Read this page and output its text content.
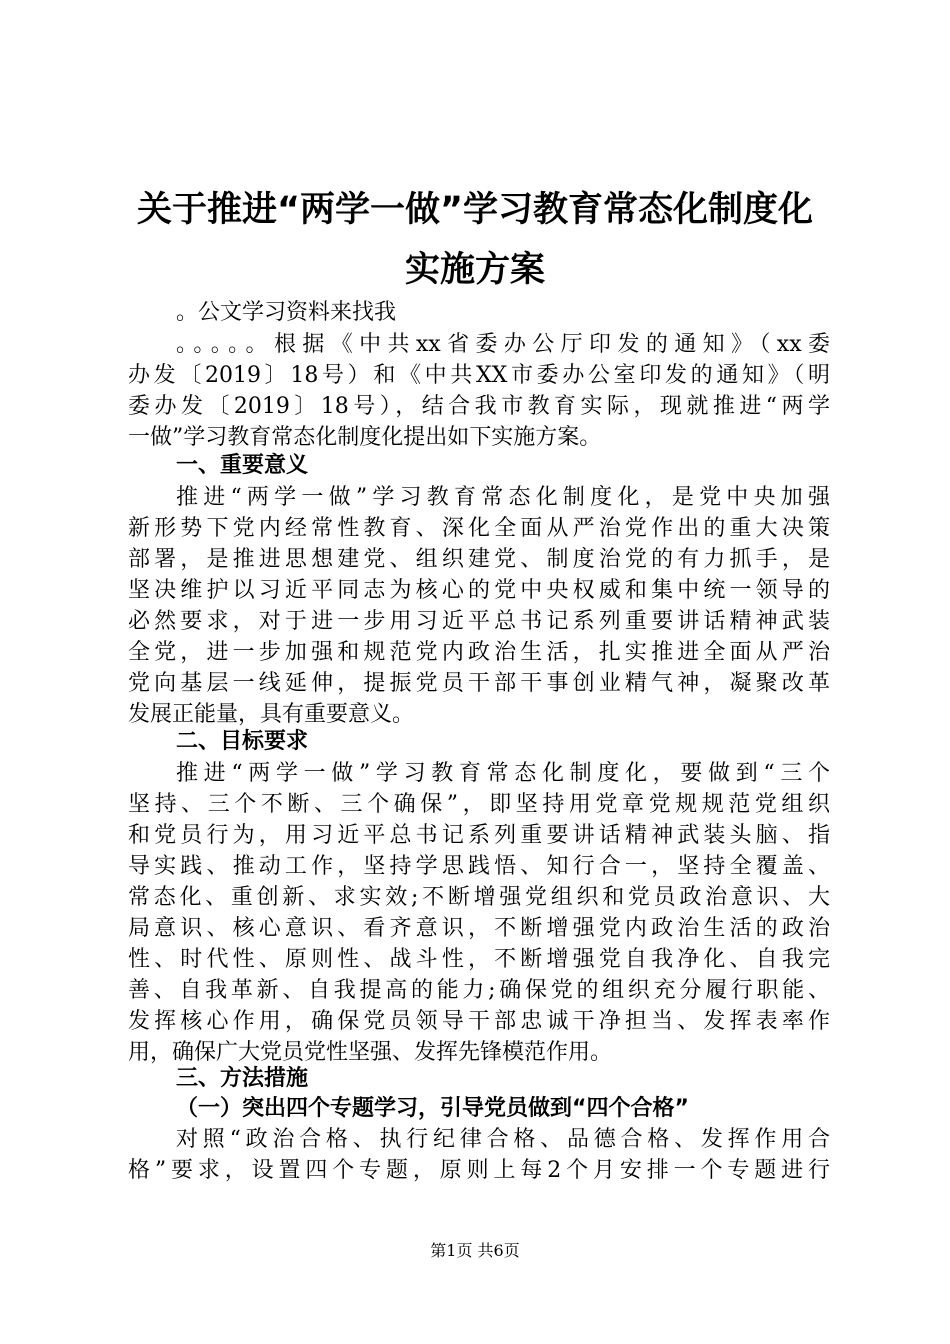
关于推进“两学一做”学习教育常态化制度化
实施方案
。公文学习资料来找我
。。。。。根据《中共xx省委办公厅印发的通知》（xx委
办发〔2019〕18号）和《中共XX市委办公室印发的通知》（明
委办发〔2019〕18号），结合我市教育实际，现就推进“两学
一做”学习教育常态化制度化提出如下实施方案。
一、重要意义
推进“两学一做”学习教育常态化制度化，是党中央加强
新形势下党内经常性教育、深化全面从严治党作出的重大决策
部署，是推进思想建党、组织建党、制度治党的有力抓手，是
坚决维护以习近平同志为核心的党中央权威和集中统一领导的
必然要求，对于进一步用习近平总书记系列重要讲话精神武装
全党，进一步加强和规范党内政治生活，扎实推进全面从严治
党向基层一线延伸，提振党员干部干事创业精气神，凝聚改革
发展正能量，具有重要意义。
二、目标要求
推进“两学一做”学习教育常态化制度化，要做到“三个
坚持、三个不断、三个确保”，即坚持用党章党规规范党组织
和党员行为，用习近平总书记系列重要讲话精神武装头脑、指
导实践、推动工作，坚持学思践悟、知行合一，坚持全覆盖、
常态化、重创新、求实效;不断增强党组织和党员政治意识、大
局意识、核心意识、看齐意识，不断增强党内政治生活的政治
性、时代性、原则性、战斗性，不断增强党自我净化、自我完
善、自我革新、自我提高的能力;确保党的组织充分履行职能、
发挥核心作用，确保党员领导干部忠诚干净担当、发挥表率作
用，确保广大党员党性坚强、发挥先锋模范作用。
三、方法措施
（一）突出四个专题学习，引导党员做到“四个合格”
对照“政治合格、执行纪律合格、品德合格、发挥作用合
格”要求，设置四个专题，原则上每2个月安排一个专题进行
第1页 共6页
